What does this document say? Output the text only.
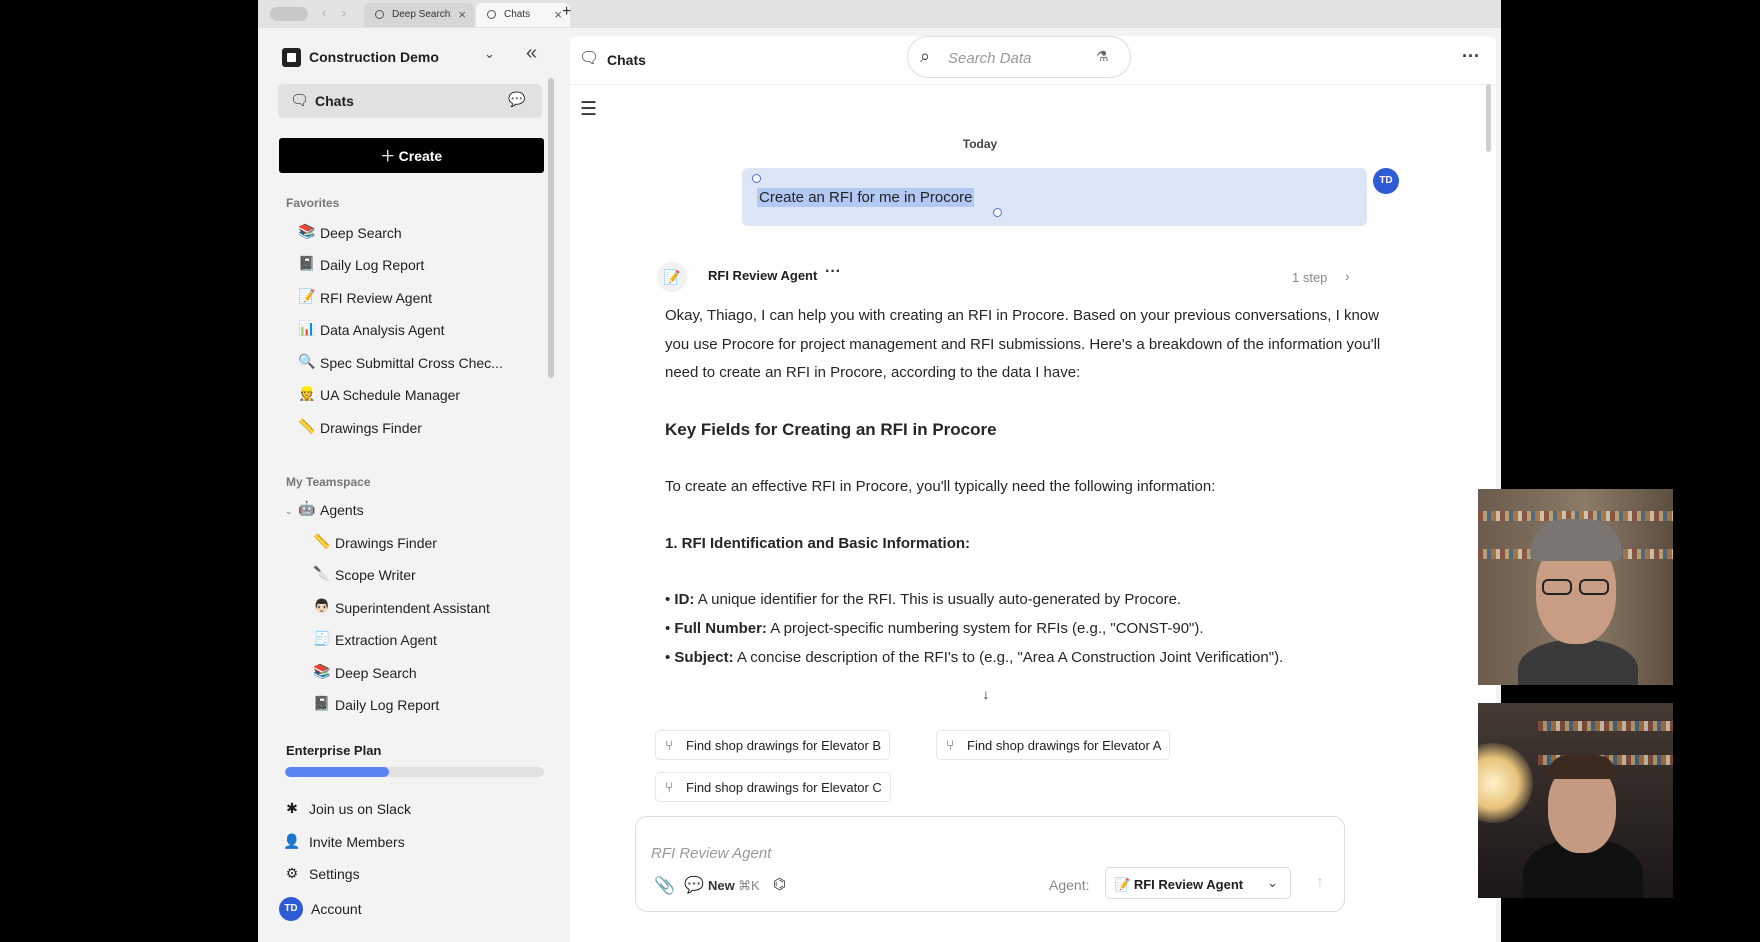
‹ ›	Deep Search ×	Chats × +
Construction Demo	⌄ «
🗨 Chats	💬
＋ Create
Favorites
📚 Deep Search
📓 Daily Log Report
📝 RFI Review Agent
📊 Data Analysis Agent
🔍 Spec Submittal Cross Chec...
👷 UA Schedule Manager
📏 Drawings Finder
My Teamspace
⌄ 🤖 Agents
📏 Drawings Finder
🔪 Scope Writer
👨🏻 Superintendent Assistant
🧾 Extraction Agent
📚 Deep Search
📓 Daily Log Report
Enterprise Plan
✱ Join us on Slack
👤 Invite Members
⚙ Settings
TD Account
🗨 Chats	⌕ Search Data	⚗	···
☰
Today
Create an RFI for me in Procore
TD
📝	RFI Review Agent ···	1 step ›

Okay, Thiago, I can help you with creating an RFI in Procore. Based on your previous conversations, I know you use Procore for project management and RFI submissions. Here's a breakdown of the information you'll need to create an RFI in Procore, according to the data I have:

Key Fields for Creating an RFI in Procore

To create an effective RFI in Procore, you'll typically need the following information:

1. RFI Identification and Basic Information:

• ID: A unique identifier for the RFI. This is usually auto-generated by Procore.

• Full Number: A project-specific numbering system for RFIs (e.g., "CONST-90").

• Subject: A concise description of the RFI's to (e.g., "Area A Construction Joint Verification").

↓
⑂ Find shop drawings for Elevator B	⑂ Find shop drawings for Elevator A
⑂ Find shop drawings for Elevator C
RFI Review Agent
📎 💬 New ⌘K ⌬	Agent:	📝 RFI Review Agent ⌄ ↑
